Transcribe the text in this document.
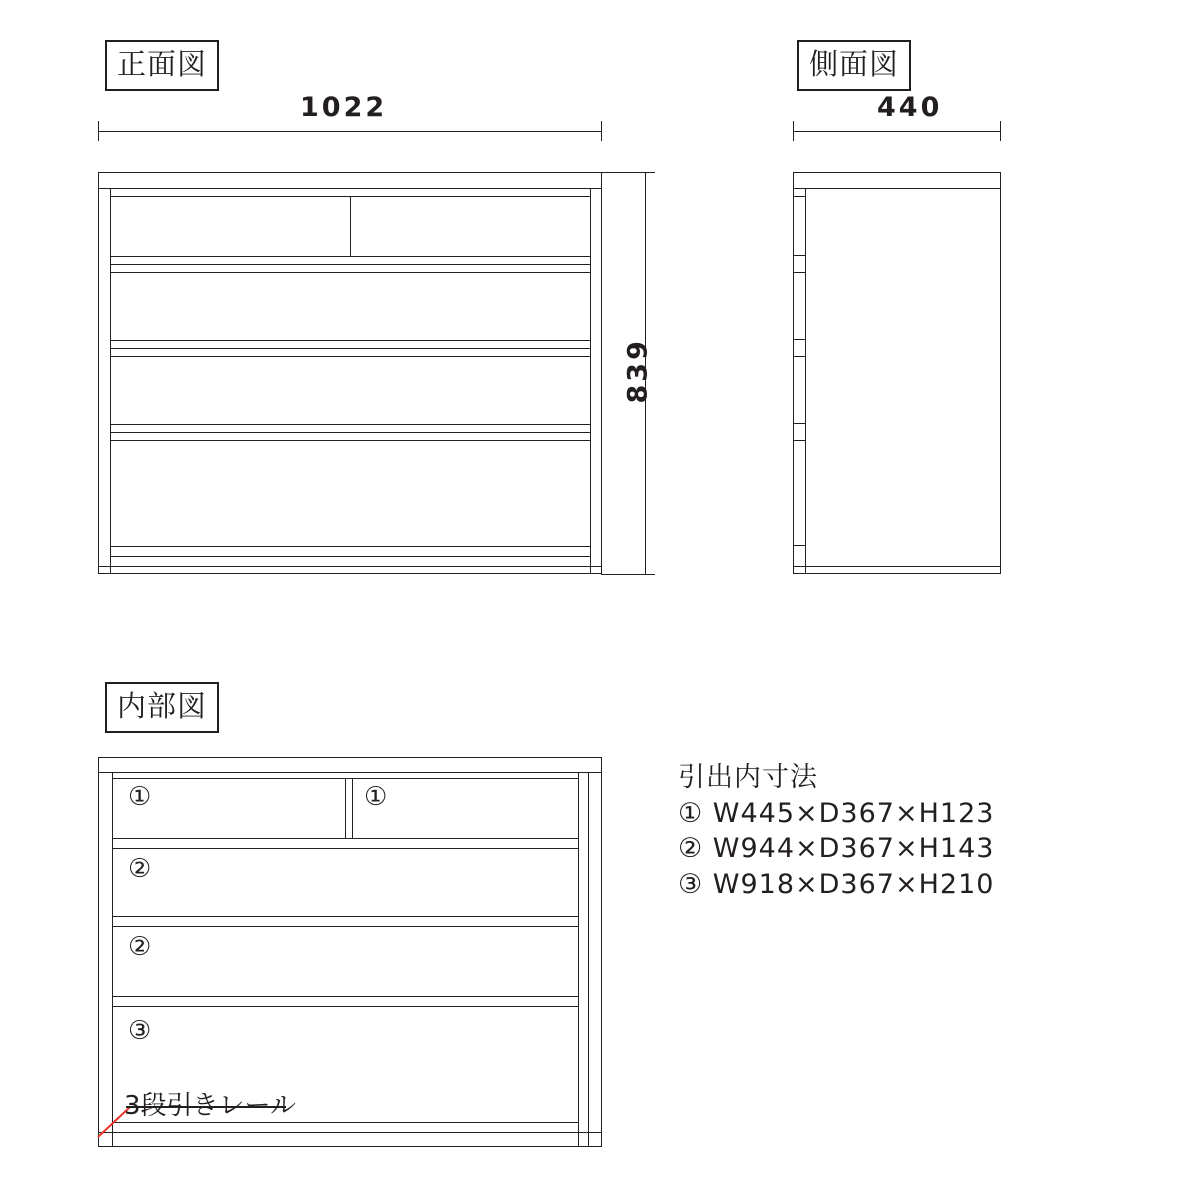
正面図
1022
839
側面図
440
内部図
①	①
②
②
③
3段引きレール
引出内寸法
① W445×D367×H123
② W944×D367×H143
③ W918×D367×H210
